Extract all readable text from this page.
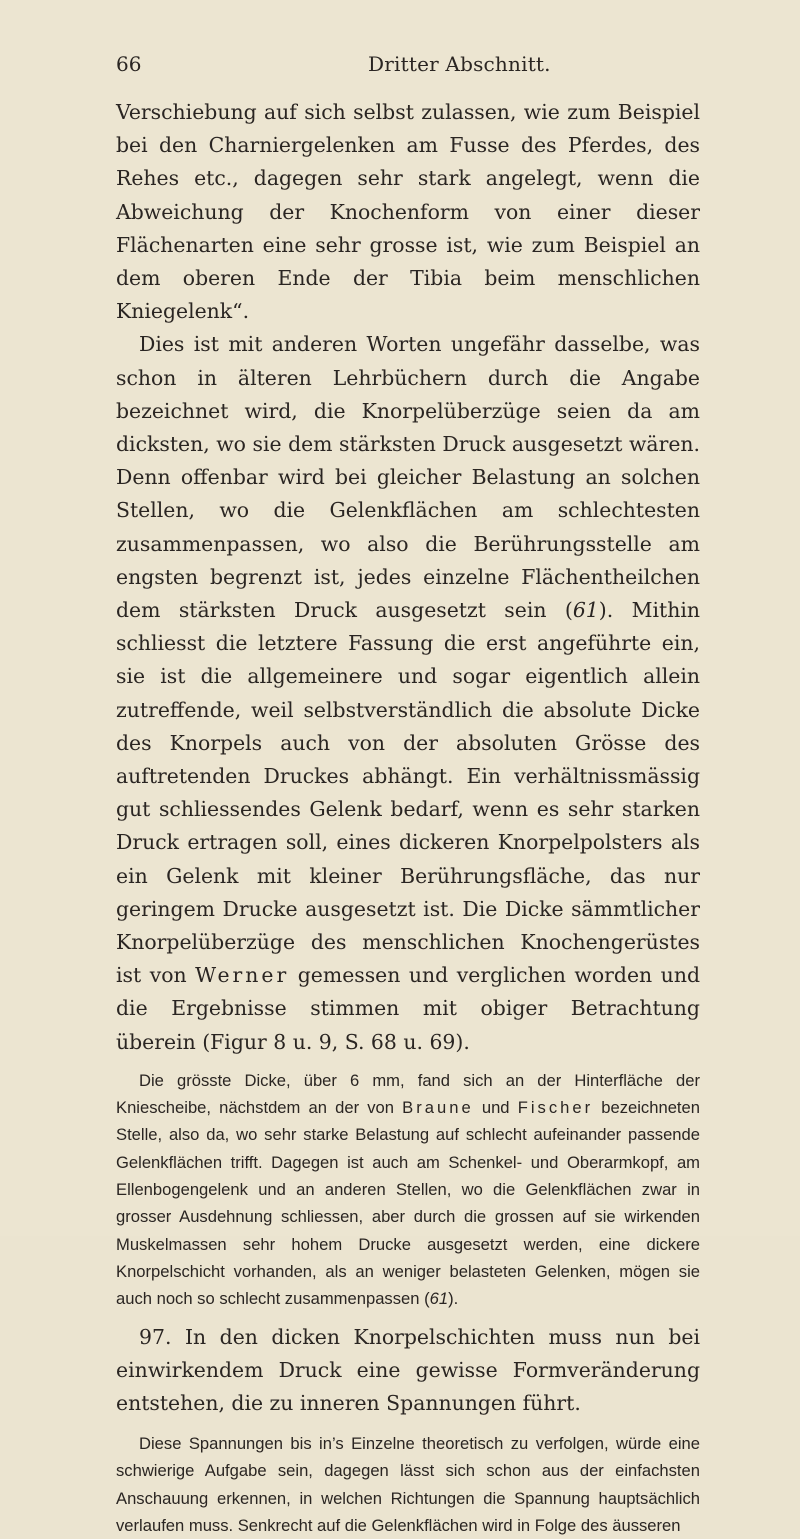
66	Dritter Abschnitt.

Verschiebung auf sich selbst zulassen, wie zum Beispiel bei den Charniergelenken am Fusse des Pferdes, des Rehes etc., dagegen sehr stark angelegt, wenn die Abweichung der Knochenform von einer dieser Flächenarten eine sehr grosse ist, wie zum Beispiel an dem oberen Ende der Tibia beim menschlichen Kniegelenk“.

Dies ist mit anderen Worten ungefähr dasselbe, was schon in älteren Lehrbüchern durch die Angabe bezeichnet wird, die Knorpelüberzüge seien da am dicksten, wo sie dem stärksten Druck ausgesetzt wären. Denn offenbar wird bei gleicher Belastung an solchen Stellen, wo die Gelenkflächen am schlechtesten zusammenpassen, wo also die Berührungsstelle am engsten begrenzt ist, jedes einzelne Flächentheilchen dem stärksten Druck ausgesetzt sein (61). Mithin schliesst die letztere Fassung die erst angeführte ein, sie ist die allgemeinere und sogar eigentlich allein zutreffende, weil selbstverständlich die absolute Dicke des Knorpels auch von der absoluten Grösse des auftretenden Druckes abhängt. Ein verhältnissmässig gut schliessendes Gelenk bedarf, wenn es sehr starken Druck ertragen soll, eines dickeren Knorpelpolsters als ein Gelenk mit kleiner Berührungsfläche, das nur geringem Drucke ausgesetzt ist. Die Dicke sämmtlicher Knorpelüberzüge des menschlichen Knochengerüstes ist von Werner gemessen und verglichen worden und die Ergebnisse stimmen mit obiger Betrachtung überein (Figur 8 u. 9, S. 68 u. 69).

Die grösste Dicke, über 6 mm, fand sich an der Hinterfläche der Kniescheibe, nächstdem an der von Braune und Fischer bezeichneten Stelle, also da, wo sehr starke Belastung auf schlecht aufeinander passende Gelenkflächen trifft. Dagegen ist auch am Schenkel- und Oberarmkopf, am Ellenbogengelenk und an anderen Stellen, wo die Gelenkflächen zwar in grosser Ausdehnung schliessen, aber durch die grossen auf sie wirkenden Muskelmassen sehr hohem Drucke ausgesetzt werden, eine dickere Knorpelschicht vorhanden, als an weniger belasteten Gelenken, mögen sie auch noch so schlecht zusammenpassen (61).

97. In den dicken Knorpelschichten muss nun bei einwirkendem Druck eine gewisse Formveränderung entstehen, die zu inneren Spannungen führt.

Diese Spannungen bis in’s Einzelne theoretisch zu verfolgen, würde eine schwierige Aufgabe sein, dagegen lässt sich schon aus der einfachsten Anschauung erkennen, in welchen Richtungen die Spannung hauptsächlich verlaufen muss. Senkrecht auf die Gelenkflächen wird in Folge des äusseren
